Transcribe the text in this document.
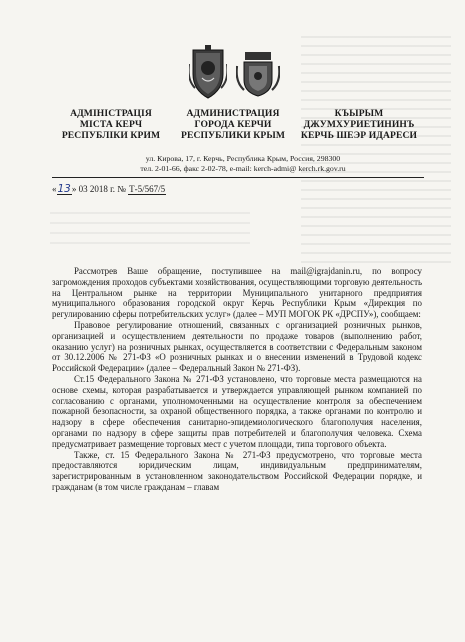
АДМІНІСТРАЦІЯ
МІСТА КЕРЧ
РЕСПУБЛІКИ КРИМ
АДМИНИСТРАЦИЯ
ГОРОДА КЕРЧИ
РЕСПУБЛИКИ КРЫМ
КЪЫРЫМ
ДЖУМХУРИЕТИНИНЪ
КЕРЧЬ ШЕЭР ИДАРЕСИ
ул. Кирова, 17, г. Керчь, Республика Крым, Россия, 298300
тел. 2-01-66, факс 2-02-78, e-mail: kerch-admi@ kerch.rk.gov.ru
«13» 03 2018 г. № Т-5/567/5

Рассмотрев Ваше обращение, поступившее на mail@igrajdanin.ru, по вопросу загромождения проходов субъектами хозяйствования, осуществляющими торговую деятельность на Центральном рынке на территории Муниципального унитарного предприятия муниципального образования городской округ Керчь Республики Крым «Дирекция по регулированию сферы потребительских услуг» (далее – МУП МОГОК РК «ДРСПУ»), сообщаем:

Правовое регулирование отношений, связанных с организацией розничных рынков, организацией и осуществлением деятельности по продаже товаров (выполнению работ, оказанию услуг) на розничных рынках, осуществляется в соответствии с Федеральным законом от 30.12.2006 № 271-ФЗ «О розничных рынках и о внесении изменений в Трудовой кодекс Российской Федерации» (далее – Федеральный Закон № 271-ФЗ).

Ст.15 Федерального Закона № 271-ФЗ установлено, что торговые места размещаются на основе схемы, которая разрабатывается и утверждается управляющей рынком компанией по согласованию с органами, уполномоченными на осуществление контроля за обеспечением пожарной безопасности, за охраной общественного порядка, а также органами по контролю и надзору в сфере обеспечения санитарно-эпидемиологического благополучия населения, органами по надзору в сфере защиты прав потребителей и благополучия человека. Схема предусматривает размещение торговых мест с учетом площади, типа торгового объекта.

Также, ст. 15 Федерального Закона № 271-ФЗ предусмотрено, что торговые места предоставляются юридическим лицам, индивидуальным предпринимателям, зарегистрированным в установленном законодательством Российской Федерации порядке, и гражданам (в том числе гражданам – главам
